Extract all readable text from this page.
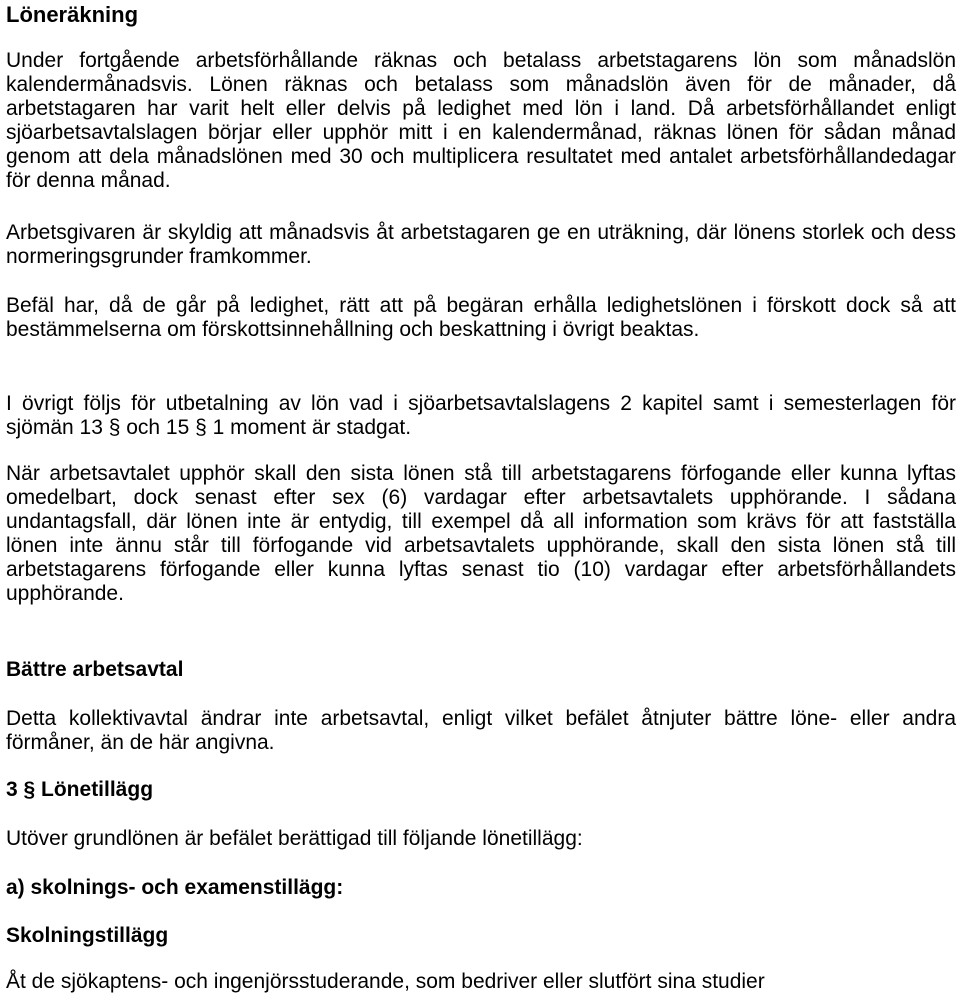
Löneräkning

Under fortgående arbetsförhållande räknas och betalass arbetstagarens lön som månadslön kalendermånadsvis. Lönen räknas och betalass som månadslön även för de månader, då arbetstagaren har varit helt eller delvis på ledighet med lön i land. Då arbetsförhållandet enligt sjöarbetsavtalslagen börjar eller upphör mitt i en kalendermånad, räknas lönen för sådan månad genom att dela månadslönen med 30 och multiplicera resultatet med antalet arbetsförhållandedagar för denna månad.

Arbetsgivaren är skyldig att månadsvis åt arbetstagaren ge en uträkning, där lönens storlek och dess normeringsgrunder framkommer.

Befäl har, då de går på ledighet, rätt att på begäran erhålla ledighetslönen i förskott dock så att bestämmelserna om förskottsinnehållning och beskattning i övrigt beaktas.

I övrigt följs för utbetalning av lön vad i sjöarbetsavtalslagens 2 kapitel samt i semesterlagen för sjömän 13 § och 15 § 1 moment är stadgat.

När arbetsavtalet upphör skall den sista lönen stå till arbetstagarens förfogande eller kunna lyftas omedelbart, dock senast efter sex (6) vardagar efter arbetsavtalets upphörande. I sådana undantagsfall, där lönen inte är entydig, till exempel då all information som krävs för att fastställa lönen inte ännu står till förfogande vid arbetsavtalets upphörande, skall den sista lönen stå till arbetstagarens förfogande eller kunna lyftas senast tio (10) vardagar efter arbetsförhållandets upphörande.

Bättre arbetsavtal

Detta kollektivavtal ändrar inte arbetsavtal, enligt vilket befälet åtnjuter bättre löne- eller andra förmåner, än de här angivna.

3 § Lönetillägg

Utöver grundlönen är befälet berättigad till följande lönetillägg:

a) skolnings- och examenstillägg:
Skolningstillägg

Åt de sjökaptens- och ingenjörsstuderande, som bedriver eller slutfört sina studier
